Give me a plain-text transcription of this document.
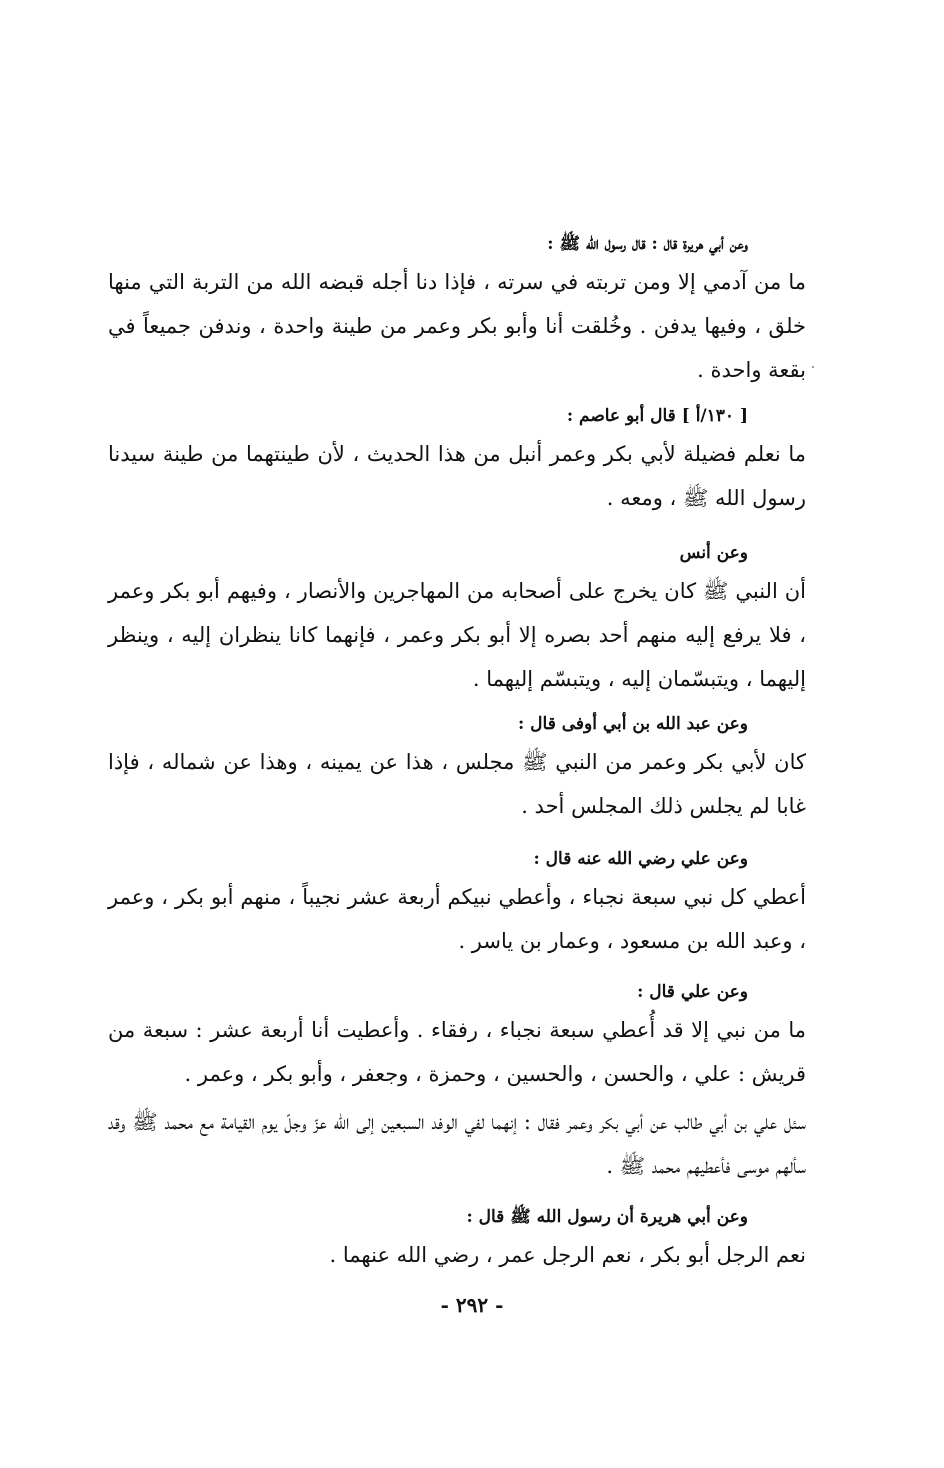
وعن أبي هريرة قال : قال رسول الله ﷺ :

ما من آدمي إلا ومن تربته في سرته ، فإذا دنا أجله قبضه الله من التربة التي منها خلق ، وفيها يدفن . وخُلقت أنا وأبو بكر وعمر من طينة واحدة ، وندفن جميعاً في بقعة واحدة .

[ ١٣٠/أ ] قال أبو عاصم :

ما نعلم فضيلة لأبي بكر وعمر أنبل من هذا الحديث ، لأن طينتهما من طينة سيدنا رسول الله ﷺ ، ومعه .

وعن أنس

أن النبي ﷺ كان يخرج على أصحابه من المهاجرين والأنصار ، وفيهم أبو بكر وعمر ، فلا يرفع إليه منهم أحد بصره إلا أبو بكر وعمر ، فإنهما كانا ينظران إليه ، وينظر إليهما ، ويتبسّمان إليه ، ويتبسّم إليهما .

وعن عبد الله بن أبي أوفى قال :

كان لأبي بكر وعمر من النبي ﷺ مجلس ، هذا عن يمينه ، وهذا عن شماله ، فإذا غابا لم يجلس ذلك المجلس أحد .

وعن علي رضي الله عنه قال :

أعطي كل نبي سبعة نجباء ، وأعطي نبيكم أربعة عشر نجيباً ، منهم أبو بكر ، وعمر ، وعبد الله بن مسعود ، وعمار بن ياسر .

وعن علي قال :

ما من نبي إلا قد أُعطي سبعة نجباء ، رفقاء . وأعطيت أنا أربعة عشر : سبعة من قريش : علي ، والحسن ، والحسين ، وحمزة ، وجعفر ، وأبو بكر ، وعمر .

سئل علي بن أبي طالب عن أبي بكر وعمر فقال : إنهما لفي الوفد السبعين إلى الله عزّ وجلّ يوم القيامة مع محمد ﷺ وقد سألهم موسى فأعطيهم محمد ﷺ .

وعن أبي هريرة أن رسول الله ﷺ قال :

نعم الرجل أبو بكر ، نعم الرجل عمر ، رضي الله عنهما .

- ٢٩٢ -
